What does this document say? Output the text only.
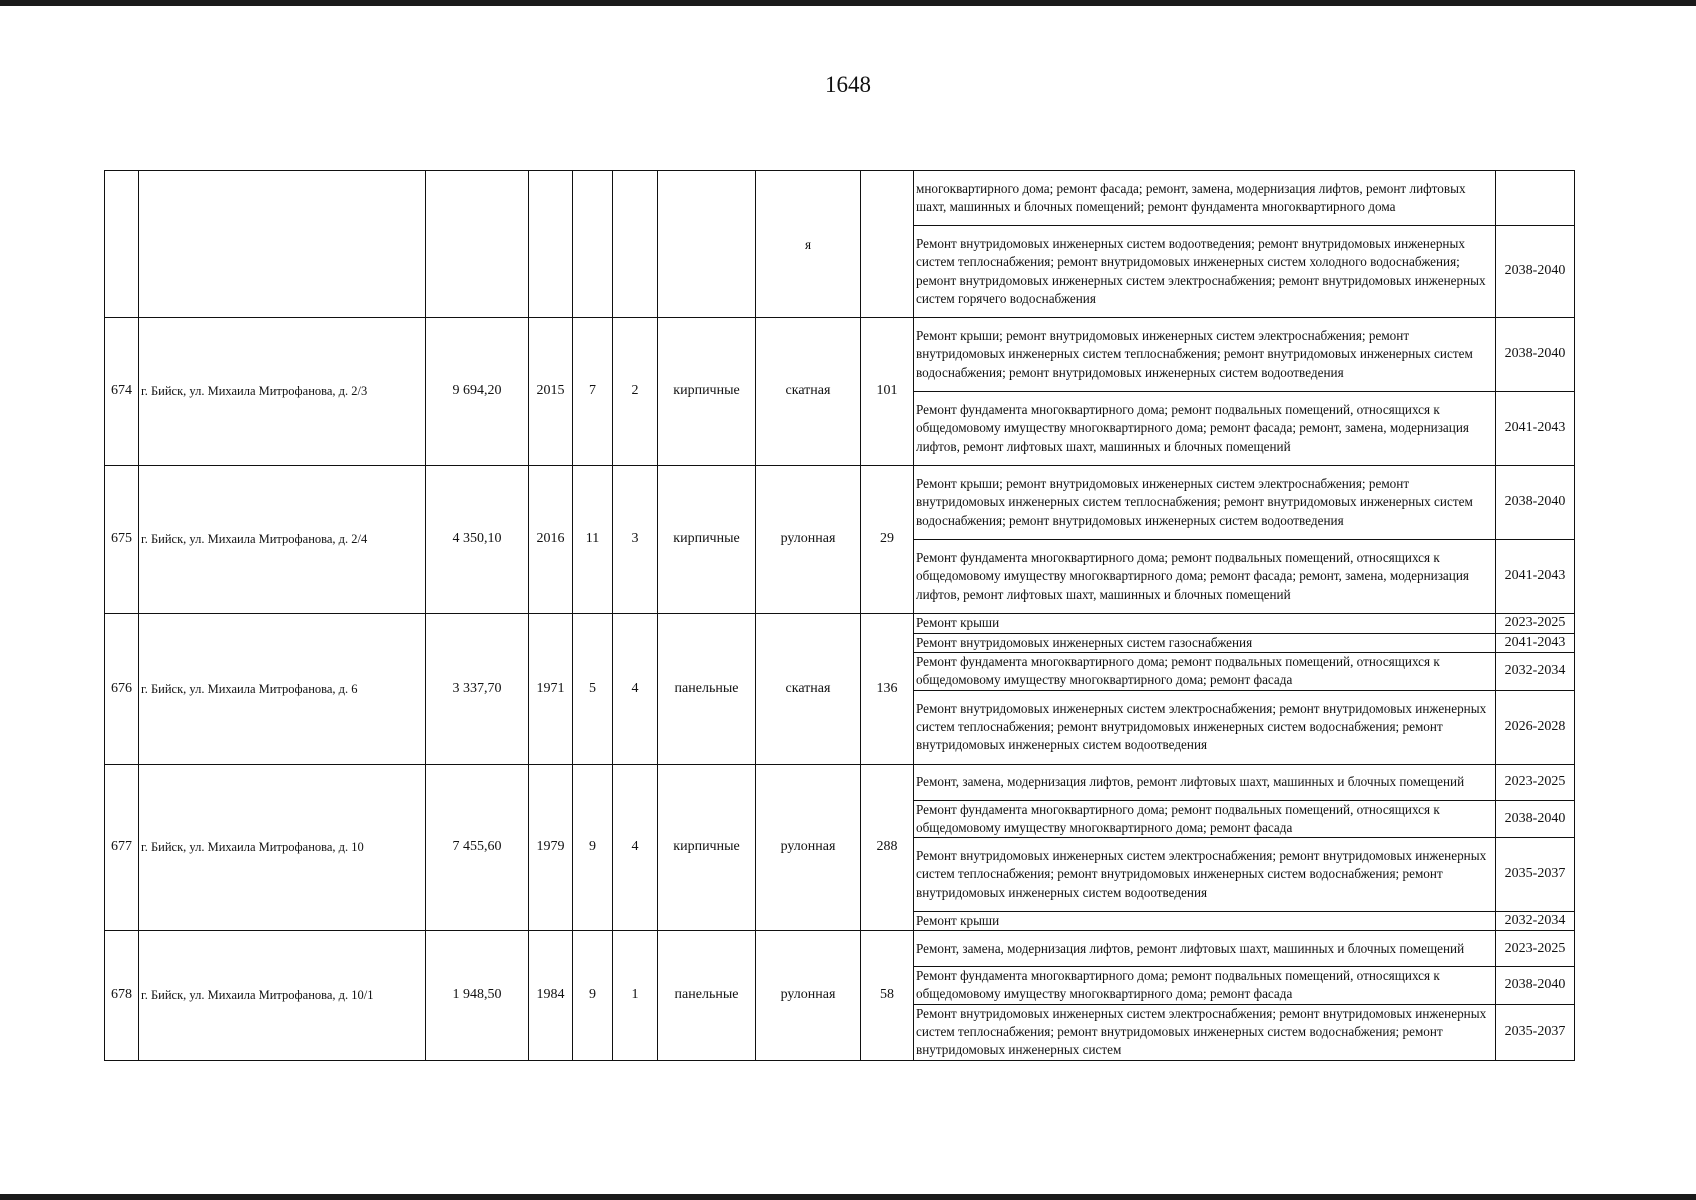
1648
							я		многоквартирного дома; ремонт фасада; ремонт, замена, модернизация лифтов, ремонт лифтовых шахт, машинных и блочных помещений; ремонт фундамента многоквартирного дома	
									Ремонт внутридомовых инженерных систем водоотведения; ремонт внутридомовых инженерных систем теплоснабжения; ремонт внутридомовых инженерных систем холодного водоснабжения; ремонт внутридомовых инженерных систем электроснабжения; ремонт внутридомовых инженерных систем горячего водоснабжения	2038-2040
674	г. Бийск, ул. Михаила Митрофанова, д. 2/3	9 694,20	2015	7	2	кирпичные	скатная	101	Ремонт крыши; ремонт внутридомовых инженерных систем электроснабжения; ремонт внутридомовых инженерных систем теплоснабжения; ремонт внутридомовых инженерных систем водоснабжения; ремонт внутридомовых инженерных систем водоотведения	2038-2040
									Ремонт фундамента многоквартирного дома; ремонт подвальных помещений, относящихся к общедомовому имуществу многоквартирного дома; ремонт фасада; ремонт, замена, модернизация лифтов, ремонт лифтовых шахт, машинных и блочных помещений	2041-2043
675	г. Бийск, ул. Михаила Митрофанова, д. 2/4	4 350,10	2016	11	3	кирпичные	рулонная	29	Ремонт крыши; ремонт внутридомовых инженерных систем электроснабжения; ремонт внутридомовых инженерных систем теплоснабжения; ремонт внутридомовых инженерных систем водоснабжения; ремонт внутридомовых инженерных систем водоотведения	2038-2040
									Ремонт фундамента многоквартирного дома; ремонт подвальных помещений, относящихся к общедомовому имуществу многоквартирного дома; ремонт фасада; ремонт, замена, модернизация лифтов, ремонт лифтовых шахт, машинных и блочных помещений	2041-2043
676	г. Бийск, ул. Михаила Митрофанова, д. 6	3 337,70	1971	5	4	панельные	скатная	136	Ремонт крыши	2023-2025
									Ремонт внутридомовых инженерных систем газоснабжения	2041-2043
									Ремонт фундамента многоквартирного дома; ремонт подвальных помещений, относящихся к общедомовому имуществу многоквартирного дома; ремонт фасада	2032-2034
									Ремонт внутридомовых инженерных систем электроснабжения; ремонт внутридомовых инженерных систем теплоснабжения; ремонт внутридомовых инженерных систем водоснабжения; ремонт внутридомовых инженерных систем водоотведения	2026-2028
677	г. Бийск, ул. Михаила Митрофанова, д. 10	7 455,60	1979	9	4	кирпичные	рулонная	288	Ремонт, замена, модернизация лифтов, ремонт лифтовых шахт, машинных и блочных помещений	2023-2025
									Ремонт фундамента многоквартирного дома; ремонт подвальных помещений, относящихся к общедомовому имуществу многоквартирного дома; ремонт фасада	2038-2040
									Ремонт внутридомовых инженерных систем электроснабжения; ремонт внутридомовых инженерных систем теплоснабжения; ремонт внутридомовых инженерных систем водоснабжения; ремонт внутридомовых инженерных систем водоотведения	2035-2037
									Ремонт крыши	2032-2034
678	г. Бийск, ул. Михаила Митрофанова, д. 10/1	1 948,50	1984	9	1	панельные	рулонная	58	Ремонт, замена, модернизация лифтов, ремонт лифтовых шахт, машинных и блочных помещений	2023-2025
									Ремонт фундамента многоквартирного дома; ремонт подвальных помещений, относящихся к общедомовому имуществу многоквартирного дома; ремонт фасада	2038-2040
									Ремонт внутридомовых инженерных систем электроснабжения; ремонт внутридомовых инженерных систем теплоснабжения; ремонт внутридомовых инженерных систем водоснабжения; ремонт внутридомовых инженерных систем	2035-2037
